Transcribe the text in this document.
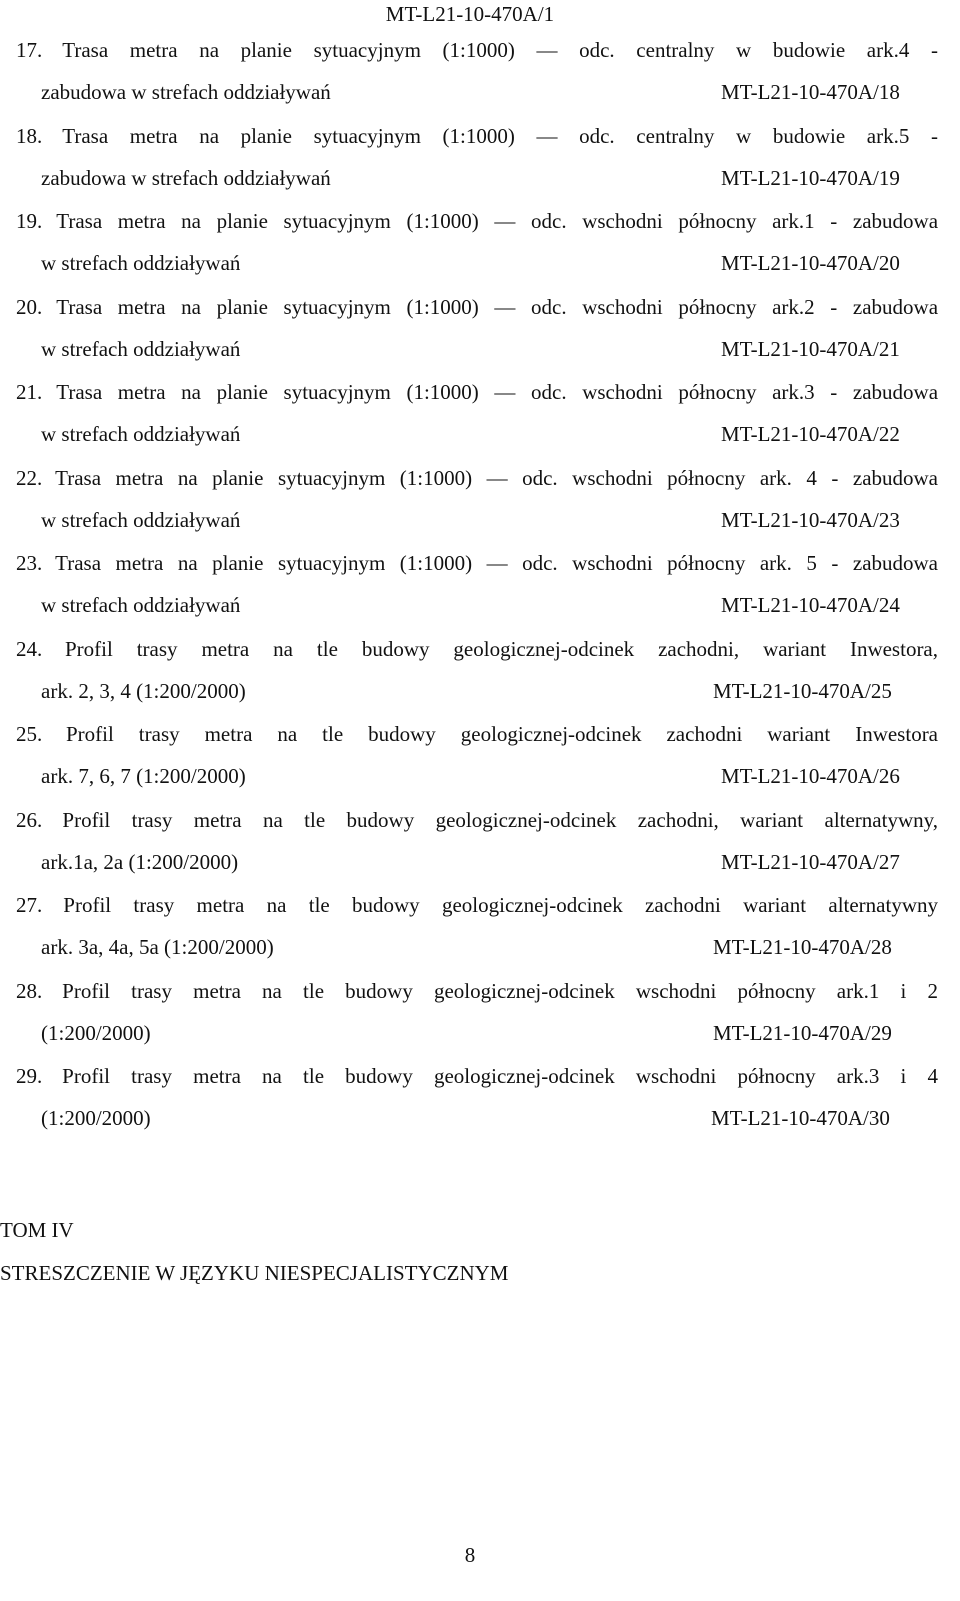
MT-L21-10-470A/1
17. Trasa metra na planie sytuacyjnym (1:1000) — odc. centralny w budowie ark.4 -
zabudowa w strefach oddziaływań	MT-L21-10-470A/18
18. Trasa metra na planie sytuacyjnym (1:1000) — odc. centralny w budowie ark.5 -
zabudowa w strefach oddziaływań	MT-L21-10-470A/19
19. Trasa metra na planie sytuacyjnym (1:1000) — odc. wschodni północny ark.1 - zabudowa
w strefach oddziaływań	MT-L21-10-470A/20
20. Trasa metra na planie sytuacyjnym (1:1000) — odc. wschodni północny ark.2 - zabudowa
w strefach oddziaływań	MT-L21-10-470A/21
21. Trasa metra na planie sytuacyjnym (1:1000) — odc. wschodni północny ark.3 - zabudowa
w strefach oddziaływań	MT-L21-10-470A/22
22. Trasa metra na planie sytuacyjnym (1:1000) — odc. wschodni północny ark. 4 - zabudowa
w strefach oddziaływań	MT-L21-10-470A/23
23. Trasa metra na planie sytuacyjnym (1:1000) — odc. wschodni północny ark. 5 - zabudowa
w strefach oddziaływań	MT-L21-10-470A/24
24. Profil trasy metra na tle budowy geologicznej-odcinek zachodni, wariant Inwestora,
ark. 2, 3, 4 (1:200/2000)	MT-L21-10-470A/25
25. Profil trasy metra na tle budowy geologicznej-odcinek zachodni wariant Inwestora
ark. 7, 6, 7 (1:200/2000)	MT-L21-10-470A/26
26. Profil trasy metra na tle budowy geologicznej-odcinek zachodni, wariant alternatywny,
ark.1a, 2a (1:200/2000)	MT-L21-10-470A/27
27. Profil trasy metra na tle budowy geologicznej-odcinek zachodni wariant alternatywny
ark. 3a, 4a, 5a (1:200/2000)	MT-L21-10-470A/28
28. Profil trasy metra na tle budowy geologicznej-odcinek wschodni północny ark.1 i 2
(1:200/2000)	MT-L21-10-470A/29
29. Profil trasy metra na tle budowy geologicznej-odcinek wschodni północny ark.3 i 4
(1:200/2000)	MT-L21-10-470A/30
TOM IV
STRESZCZENIE W JĘZYKU NIESPECJALISTYCZNYM
8
